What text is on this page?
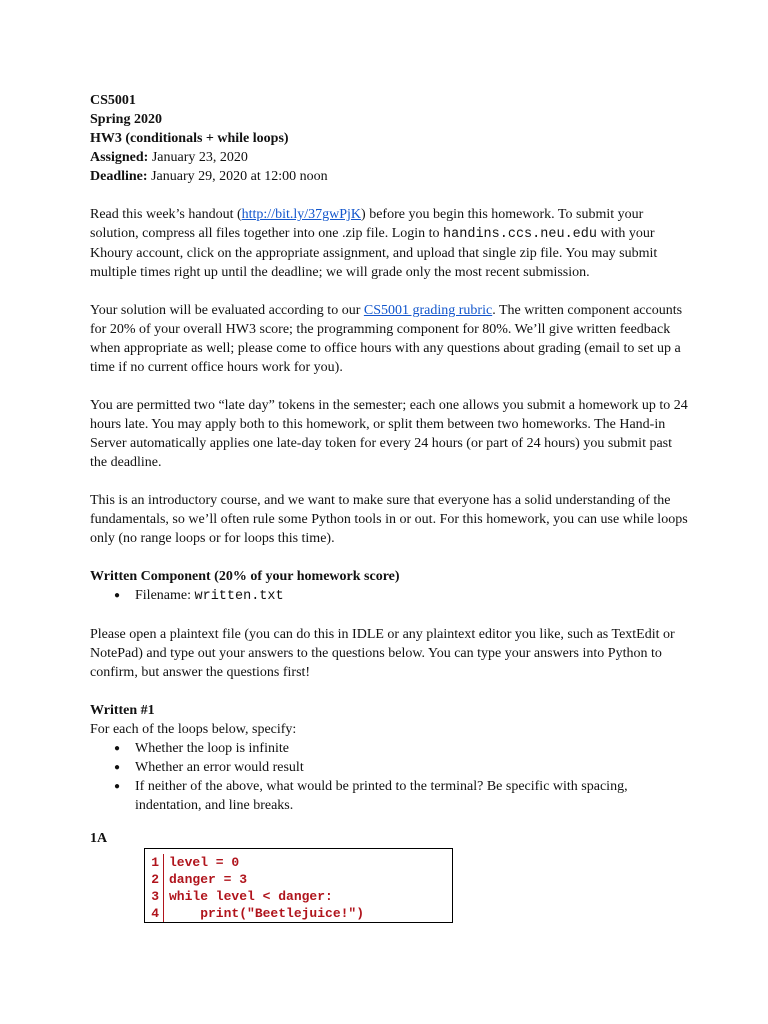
CS5001

Spring 2020

HW3 (conditionals + while loops)

Assigned: January 23, 2020

Deadline: January 29, 2020 at 12:00 noon

Read this week’s handout (http://bit.ly/37gwPjK) before you begin this homework. To submit your solution, compress all files together into one .zip file. Login to handins.ccs.neu.edu with your Khoury account, click on the appropriate assignment, and upload that single zip file. You may submit multiple times right up until the deadline; we will grade only the most recent submission.

Your solution will be evaluated according to our CS5001 grading rubric. The written component accounts for 20% of your overall HW3 score; the programming component for 80%. We’ll give written feedback when appropriate as well; please come to office hours with any questions about grading (email to set up a time if no current office hours work for you).

You are permitted two “late day” tokens in the semester; each one allows you submit a homework up to 24 hours late. You may apply both to this homework, or split them between two homeworks. The Hand-in Server automatically applies one late-day token for every 24 hours (or part of 24 hours) you submit past the deadline.

This is an introductory course, and we want to make sure that everyone has a solid understanding of the fundamentals, so we’ll often rule some Python tools in or out. For this homework, you can use while loops only (no range loops or for loops this time).

Written Component (20% of your homework score)

● Filename: written.txt

Please open a plaintext file (you can do this in IDLE or any plaintext editor you like, such as TextEdit or NotePad) and type out your answers to the questions below. You can type your answers into Python to confirm, but answer the questions first!

Written #1

For each of the loops below, specify:

● Whether the loop is infinite
● Whether an error would result
● If neither of the above, what would be printed to the terminal? Be specific with spacing, indentation, and line breaks.
1A
1 level = 0
2 danger = 3
3 while level < danger:
4 print("Beetlejuice!")
